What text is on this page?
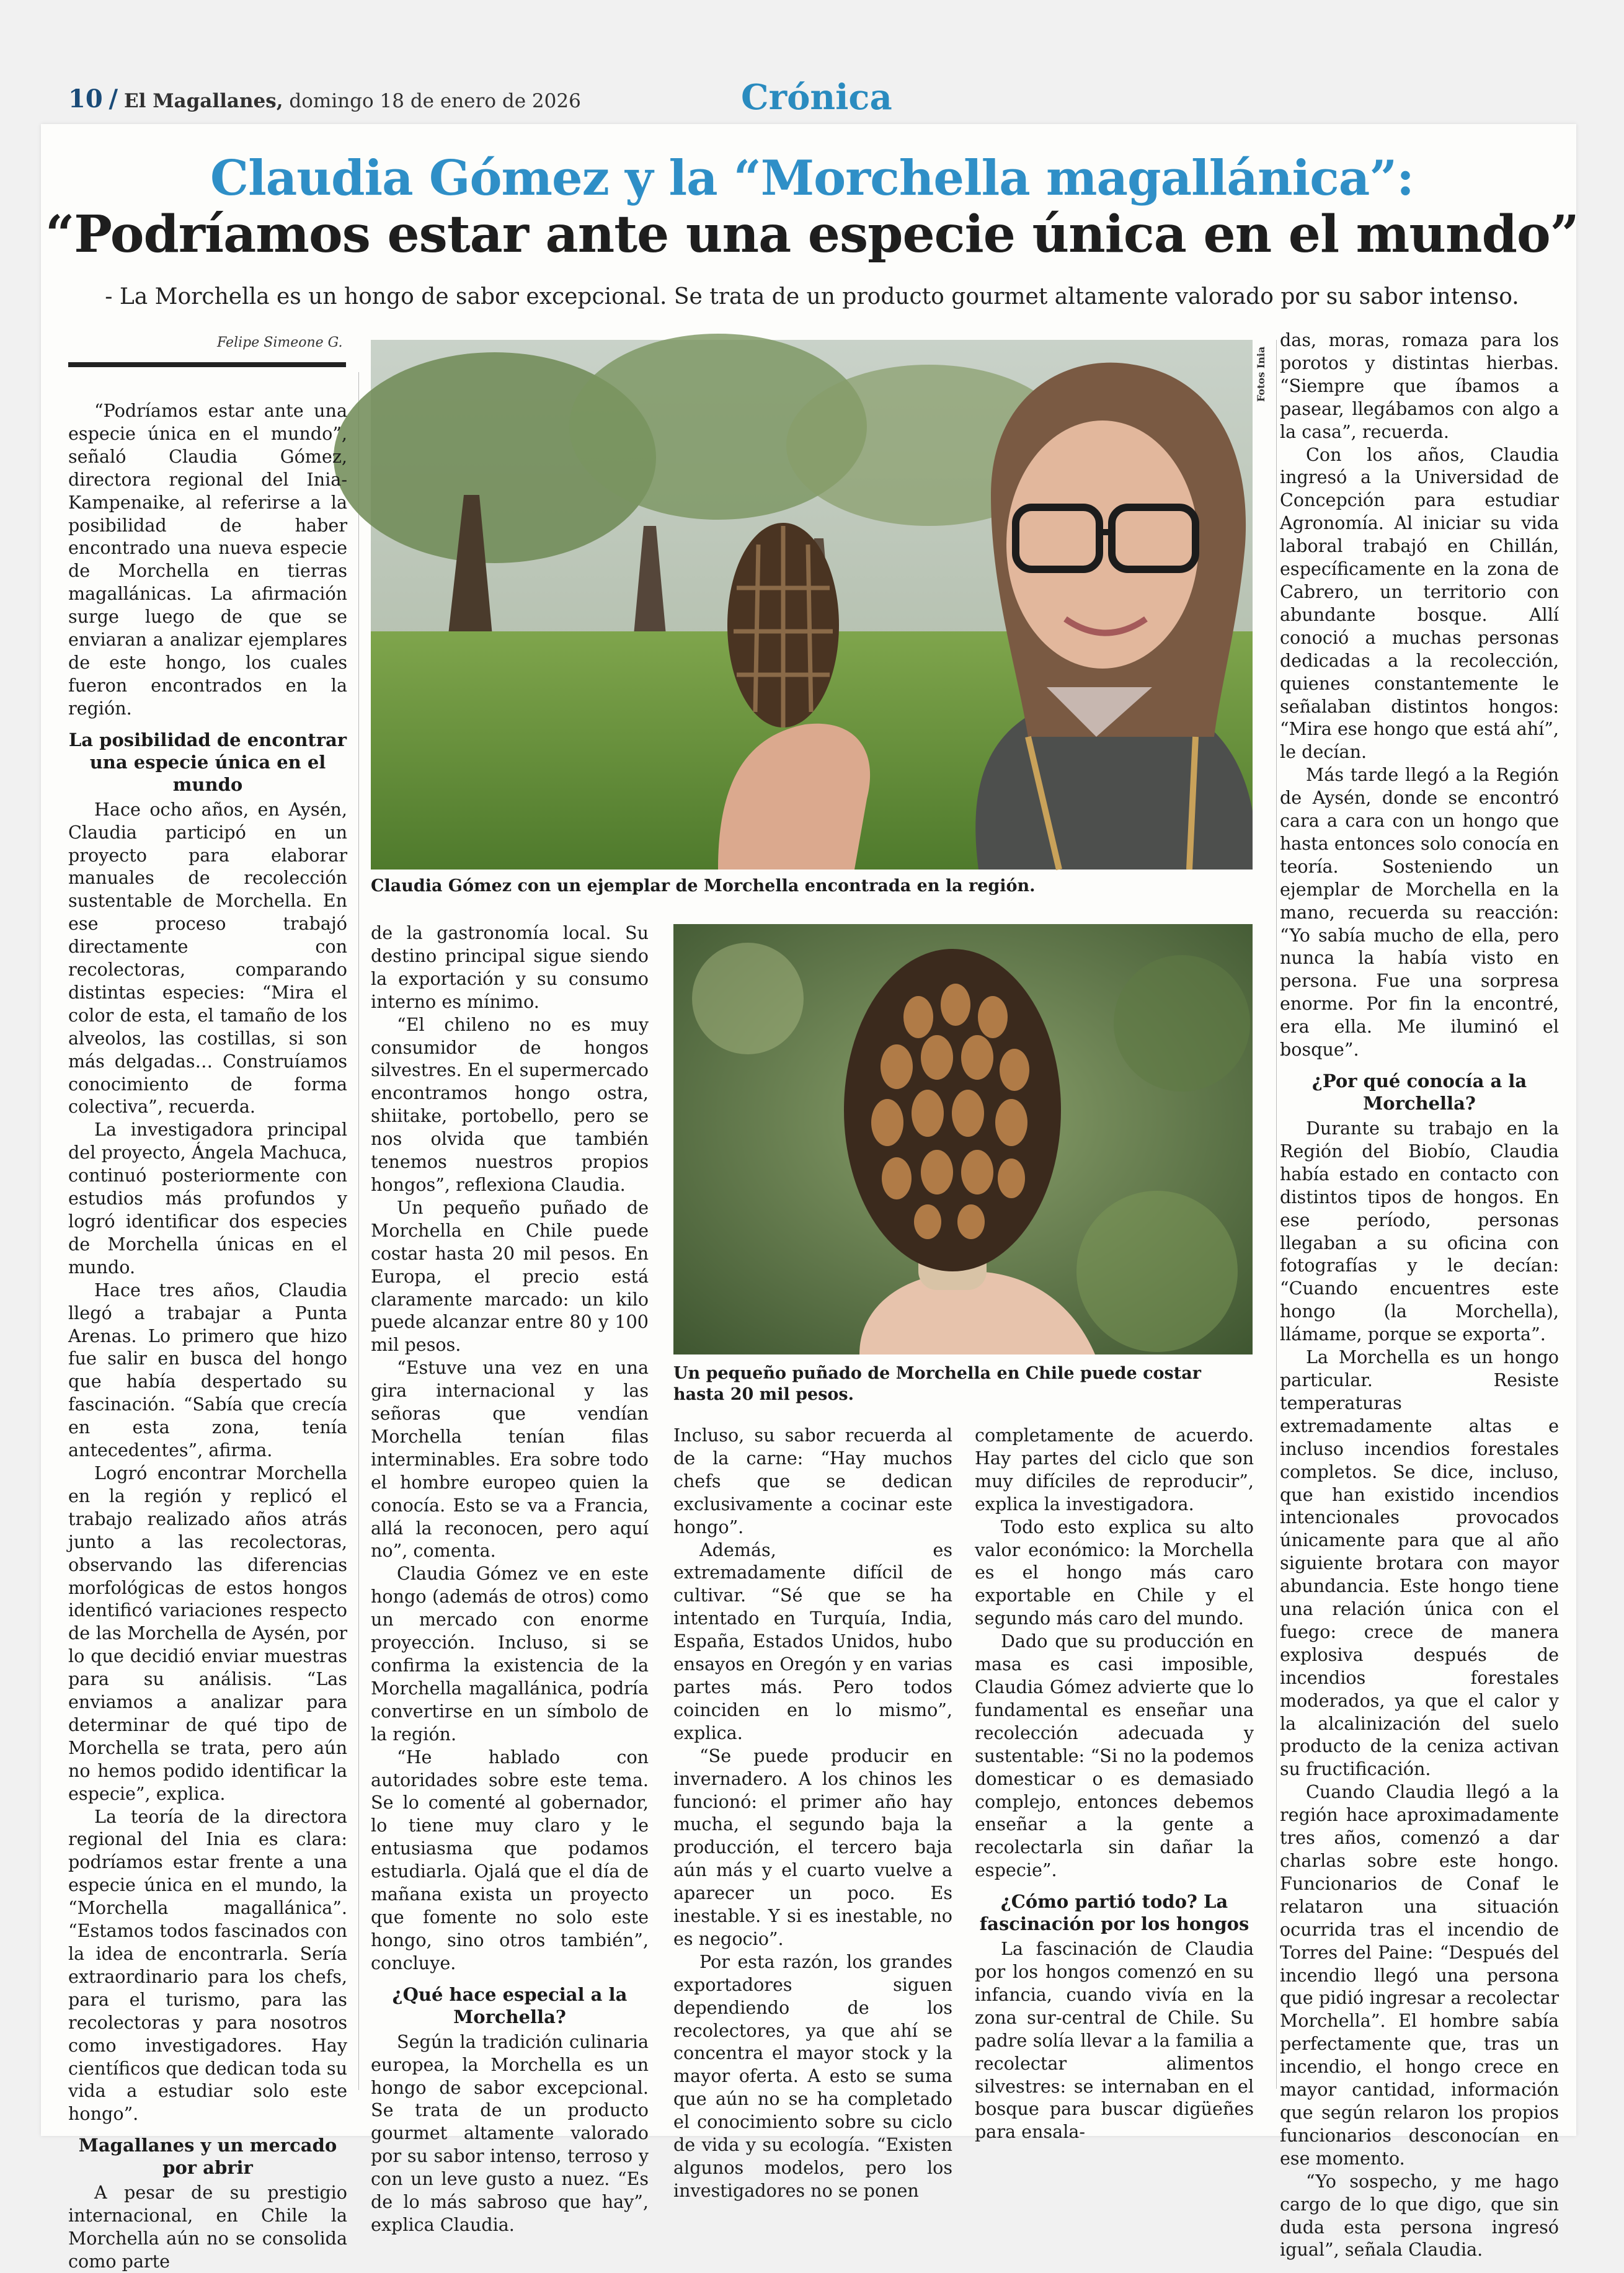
10 / El Magallanes, domingo 18 de enero de 2026	Crónica
Claudia Gómez y la “Morchella magallánica”:
“Podríamos estar ante una especie única en el mundo”
- La Morchella es un hongo de sabor excepcional. Se trata de un producto gourmet altamente valorado por su sabor intenso.
Felipe Simeone G.
Fotos Inia
Claudia Gómez con un ejemplar de Morchella encontrada en la región.
Un pequeño puñado de Morchella en Chile puede costar hasta 20 mil pesos.

“Podríamos estar ante una especie única en el mundo”, señaló Claudia Gómez, directora regional del Inia-Kampenaike, al referirse a la posibilidad de haber encontrado una nueva especie de Morchella en tierras magallánicas. La afirmación surge luego de que se enviaran a analizar ejemplares de este hongo, los cuales fueron encontrados en la región.

La posibilidad de encontrar una especie única en el mundo

Hace ocho años, en Aysén, Claudia participó en un proyecto para elaborar manuales de recolección sustentable de Morchella. En ese proceso trabajó directamente con recolectoras, comparando distintas especies: “Mira el color de esta, el tamaño de los alveolos, las costillas, si son más delgadas… Construíamos conocimiento de forma colectiva”, recuerda.

La investigadora principal del proyecto, Ángela Machuca, continuó posteriormente con estudios más profundos y logró identificar dos especies de Morchella únicas en el mundo.

Hace tres años, Claudia llegó a trabajar a Punta Arenas. Lo primero que hizo fue salir en busca del hongo que había despertado su fascinación. “Sabía que crecía en esta zona, tenía antecedentes”, afirma.

Logró encontrar Morchella en la región y replicó el trabajo realizado años atrás junto a las recolectoras, observando las diferencias morfológicas de estos hongos identificó variaciones respecto de las Morchella de Aysén, por lo que decidió enviar muestras para su análisis. “Las enviamos a analizar para determinar de qué tipo de Morchella se trata, pero aún no hemos podido identificar la especie”, explica.

La teoría de la directora regional del Inia es clara: podríamos estar frente a una especie única en el mundo, la “Morchella magallánica”. “Estamos todos fascinados con la idea de encontrarla. Sería extraordinario para los chefs, para el turismo, para las recolectoras y para nosotros como investigadores. Hay científicos que dedican toda su vida a estudiar solo este hongo”.

Magallanes y un mercado por abrir

A pesar de su prestigio internacional, en Chile la Morchella aún no se consolida como parte

de la gastronomía local. Su destino principal sigue siendo la exportación y su consumo interno es mínimo.

“El chileno no es muy consumidor de hongos silvestres. En el supermercado encontramos hongo ostra, shiitake, portobello, pero se nos olvida que también tenemos nuestros propios hongos”, reflexiona Claudia.

Un pequeño puñado de Morchella en Chile puede costar hasta 20 mil pesos. En Europa, el precio está claramente marcado: un kilo puede alcanzar entre 80 y 100 mil pesos.

“Estuve una vez en una gira internacional y las señoras que vendían Morchella tenían filas interminables. Era sobre todo el hombre europeo quien la conocía. Esto se va a Francia, allá la reconocen, pero aquí no”, comenta.

Claudia Gómez ve en este hongo (además de otros) como un mercado con enorme proyección. Incluso, si se confirma la existencia de la Morchella magallánica, podría convertirse en un símbolo de la región.

“He hablado con autoridades sobre este tema. Se lo comenté al gobernador, lo tiene muy claro y le entusiasma que podamos estudiarla. Ojalá que el día de mañana exista un proyecto que fomente no solo este hongo, sino otros también”, concluye.

¿Qué hace especial a la Morchella?

Según la tradición culinaria europea, la Morchella es un hongo de sabor excepcional. Se trata de un producto gourmet altamente valorado por su sabor intenso, terroso y con un leve gusto a nuez. “Es de lo más sabroso que hay”, explica Claudia.

Incluso, su sabor recuerda al de la carne: “Hay muchos chefs que se dedican exclusivamente a cocinar este hongo”.

Además, es extremadamente difícil de cultivar. “Sé que se ha intentado en Turquía, India, España, Estados Unidos, hubo ensayos en Oregón y en varias partes más. Pero todos coinciden en lo mismo”, explica.

“Se puede producir en invernadero. A los chinos les funcionó: el primer año hay mucha, el segundo baja la producción, el tercero baja aún más y el cuarto vuelve a aparecer un poco. Es inestable. Y si es inestable, no es negocio”.

Por esta razón, los grandes exportadores siguen dependiendo de los recolectores, ya que ahí se concentra el mayor stock y la mayor oferta. A esto se suma que aún no se ha completado el conocimiento sobre su ciclo de vida y su ecología. “Existen algunos modelos, pero los investigadores no se ponen

completamente de acuerdo. Hay partes del ciclo que son muy difíciles de reproducir”, explica la investigadora.

Todo esto explica su alto valor económico: la Morchella es el hongo más caro exportable en Chile y el segundo más caro del mundo.

Dado que su producción en masa es casi imposible, Claudia Gómez advierte que lo fundamental es enseñar una recolección adecuada y sustentable: “Si no la podemos domesticar o es demasiado complejo, entonces debemos enseñar a la gente a recolectarla sin dañar la especie”.

¿Cómo partió todo? La fascinación por los hongos

La fascinación de Claudia por los hongos comenzó en su infancia, cuando vivía en la zona sur-central de Chile. Su padre solía llevar a la familia a recolectar alimentos silvestres: se internaban en el bosque para buscar digüeñes para ensala-

das, moras, romaza para los porotos y distintas hierbas. “Siempre que íbamos a pasear, llegábamos con algo a la casa”, recuerda.

Con los años, Claudia ingresó a la Universidad de Concepción para estudiar Agronomía. Al iniciar su vida laboral trabajó en Chillán, específicamente en la zona de Cabrero, un territorio con abundante bosque. Allí conoció a muchas personas dedicadas a la recolección, quienes constantemente le señalaban distintos hongos: “Mira ese hongo que está ahí”, le decían.

Más tarde llegó a la Región de Aysén, donde se encontró cara a cara con un hongo que hasta entonces solo conocía en teoría. Sosteniendo un ejemplar de Morchella en la mano, recuerda su reacción: “Yo sabía mucho de ella, pero nunca la había visto en persona. Fue una sorpresa enorme. Por fin la encontré, era ella. Me iluminó el bosque”.

¿Por qué conocía a la Morchella?

Durante su trabajo en la Región del Biobío, Claudia había estado en contacto con distintos tipos de hongos. En ese período, personas llegaban a su oficina con fotografías y le decían: “Cuando encuentres este hongo (la Morchella), llámame, porque se exporta”.

La Morchella es un hongo particular. Resiste temperaturas extremadamente altas e incluso incendios forestales completos. Se dice, incluso, que han existido incendios intencionales provocados únicamente para que al año siguiente brotara con mayor abundancia. Este hongo tiene una relación única con el fuego: crece de manera explosiva después de incendios forestales moderados, ya que el calor y la alcalinización del suelo producto de la ceniza activan su fructificación.

Cuando Claudia llegó a la región hace aproximadamente tres años, comenzó a dar charlas sobre este hongo. Funcionarios de Conaf le relataron una situación ocurrida tras el incendio de Torres del Paine: “Después del incendio llegó una persona que pidió ingresar a recolectar Morchella”. El hombre sabía perfectamente que, tras un incendio, el hongo crece en mayor cantidad, información que según relaron los propios funcionarios desconocían en ese momento.

“Yo sospecho, y me hago cargo de lo que digo, que sin duda esta persona ingresó igual”, señala Claudia.
